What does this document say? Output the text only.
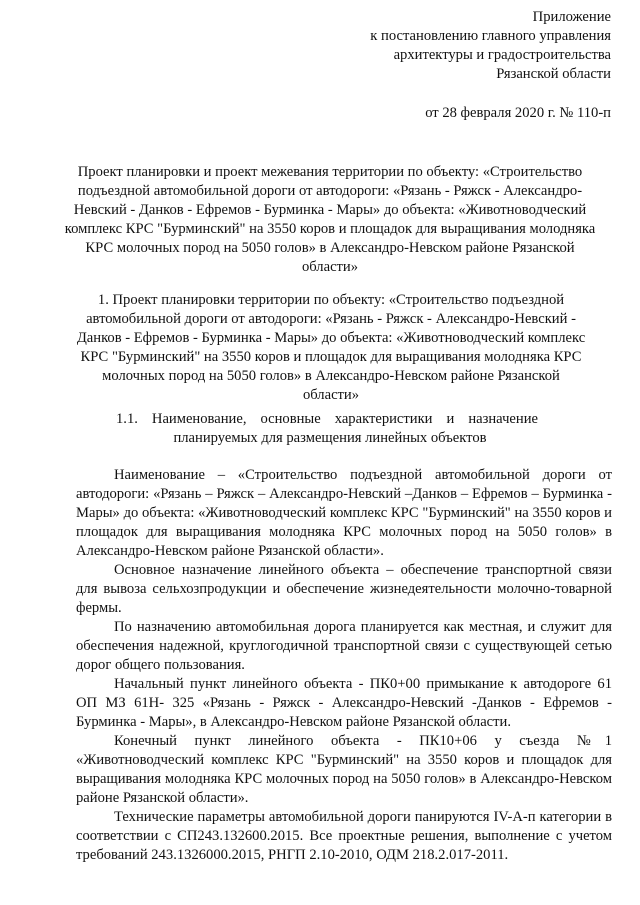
Приложение
к постановлению главного управления
архитектуры и градостроительства
Рязанской области
от 28 февраля 2020 г. № 110-п
Проект планировки и проект межевания территории по объекту: «Строительство подъездной автомобильной дороги от автодороги: «Рязань - Ряжск - Александро-Невский - Данков - Ефремов - Бурминка - Мары» до объекта: «Животноводческий комплекс КРС "Бурминский" на 3550 коров и площадок для выращивания молодняка КРС молочных пород на 5050 голов» в Александро-Невском районе Рязанской области»
1. Проект планировки территории по объекту: «Строительство подъездной автомобильной дороги от автодороги: «Рязань - Ряжск - Александро-Невский - Данков - Ефремов - Бурминка - Мары» до объекта: «Животноводческий комплекс КРС "Бурминский" на 3550 коров и площадок для выращивания молодняка КРС молочных пород на 5050 голов» в Александро-Невском районе Рязанской области»
1.1. Наименование, основные характеристики и назначение
планируемых для размещения линейных объектов

Наименование – «Строительство подъездной автомобильной дороги от автодороги: «Рязань – Ряжск – Александро-Невский –Данков – Ефремов – Бурминка - Мары» до объекта: «Животноводческий комплекс КРС "Бурминский" на 3550 коров и площадок для выращивания молодняка КРС молочных пород на 5050 голов» в Александро-Невском районе Рязанской области».

Основное назначение линейного объекта – обеспечение транспортной связи для вывоза сельхозпродукции и обеспечение жизнедеятельности молочно-товарной фермы.

По назначению автомобильная дорога планируется как местная, и служит для обеспечения надежной, круглогодичной транспортной связи с существующей сетью дорог общего пользования.

Начальный пункт линейного объекта - ПК0+00 примыкание к автодороге 61 ОП МЗ 61Н- 325 «Рязань - Ряжск - Александро-Невский -Данков - Ефремов - Бурминка - Мары», в Александро-Невском районе Рязанской области.

Конечный пункт линейного объекта - ПК10+06 у съезда №1 «Животноводческий комплекс КРС "Бурминский" на 3550 коров и площадок для выращивания молодняка КРС молочных пород на 5050 голов» в Александро-Невском районе Рязанской области».

Технические параметры автомобильной дороги панируются IV-А-п категории в соответствии с СП243.132600.2015. Все проектные решения, выполнение с учетом требований 243.1326000.2015, РНГП 2.10-2010, ОДМ 218.2.017-2011.
